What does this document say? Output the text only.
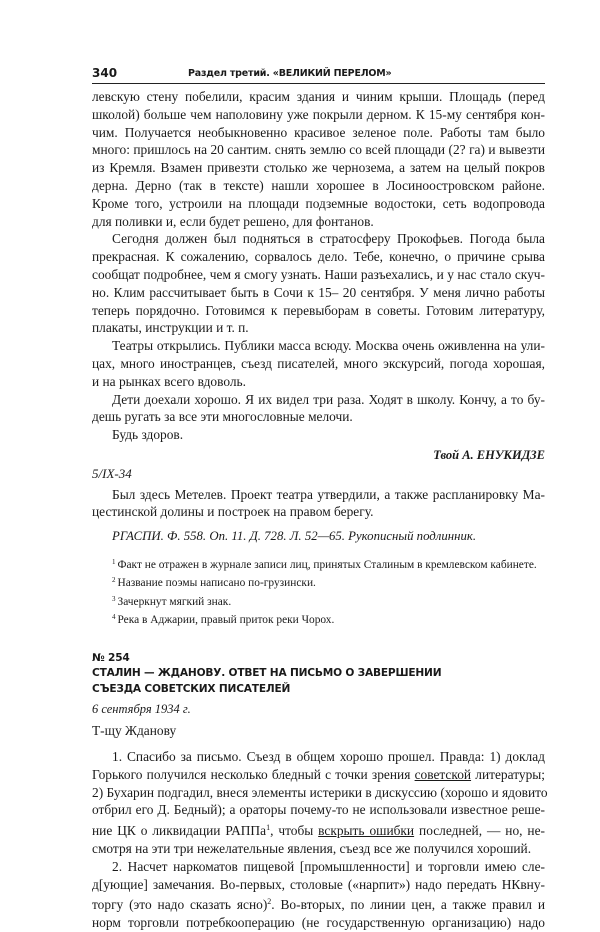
340	Раздел третий. «ВЕЛИКИЙ ПЕРЕЛОМ»
левскую стену побелили, красим здания и чиним крыши. Площадь (перед
школой) больше чем наполовину уже покрыли дерном. К 15-му сентября кон-
чим. Получается необыкновенно красивое зеленое поле. Работы там было
много: пришлось на 20 сантим. снять землю со всей площади (2? га) и вывезти
из Кремля. Взамен привезти столько же чернозема, а затем на целый покров
дерна. Дерно (так в тексте) нашли хорошее в Лосиноостровском районе.
Кроме того, устроили на площади подземные водостоки, сеть водопровода
для поливки и, если будет решено, для фонтанов.
Сегодня должен был подняться в стратосферу Прокофьев. Погода была
прекрасная. К сожалению, сорвалось дело. Тебе, конечно, о причине срыва
сообщат подробнее, чем я смогу узнать. Наши разъехались, и у нас стало скуч-
но. Клим рассчитывает быть в Сочи к 15– 20 сентября. У меня лично работы
теперь порядочно. Готовимся к перевыборам в советы. Готовим литературу,
плакаты, инструкции и т. п.
Театры открылись. Публики масса всюду. Москва очень оживленна на ули-
цах, много иностранцев, съезд писателей, много экскурсий, погода хорошая,
и на рынках всего вдоволь.
Дети доехали хорошо. Я их видел три раза. Ходят в школу. Кончу, а то бу-
дешь ругать за все эти многословные мелочи.
Будь здоров.
Твой А. ЕНУКИДЗЕ
5/IX-34
Был здесь Метелев. Проект театра утвердили, а также распланировку Ма-
цестинской долины и построек на правом берегу.
РГАСПИ. Ф. 558. Оп. 11. Д. 728. Л. 52—65. Рукописный подлинник.
$^1$ Факт не отражен в журнале записи лиц, принятых Сталиным в кремлевском кабинете.
$^2$ Название поэмы написано по-грузински.
$^3$ Зачеркнут мягкий знак.
$^4$ Река в Аджарии, правый приток реки Чорох.
№ 254
СТАЛИН — ЖДАНОВУ. ОТВЕТ НА ПИСЬМО О ЗАВЕРШЕНИИ
СЪЕЗДА СОВЕТСКИХ ПИСАТЕЛЕЙ
6 сентября 1934 г.
Т-щу Жданову
1. Спасибо за письмо. Съезд в общем хорошо прошел. Правда: 1) доклад
Горького получился несколько бледный с точки зрения советской литературы;
2) Бухарин подгадил, внеся элементы истерики в дискуссию (хорошо и ядовито
отбрил его Д. Бедный); а ораторы почему-то не использовали известное реше-
ние ЦК о ликвидации РАППа$^1$, чтобы вскрыть ошибки последней, — но, не-
смотря на эти три нежелательные явления, съезд все же получился хороший.
2. Насчет наркоматов пищевой [промышленности] и торговли имею сле-
д[ующие] замечания. Во-первых, столовые («нарпит») надо передать НКвну-
торгу (это надо сказать ясно)$^2$. Во-вторых, по линии цен, а также правил и
норм торговли потребкооперацию (не государственную организацию) надо
